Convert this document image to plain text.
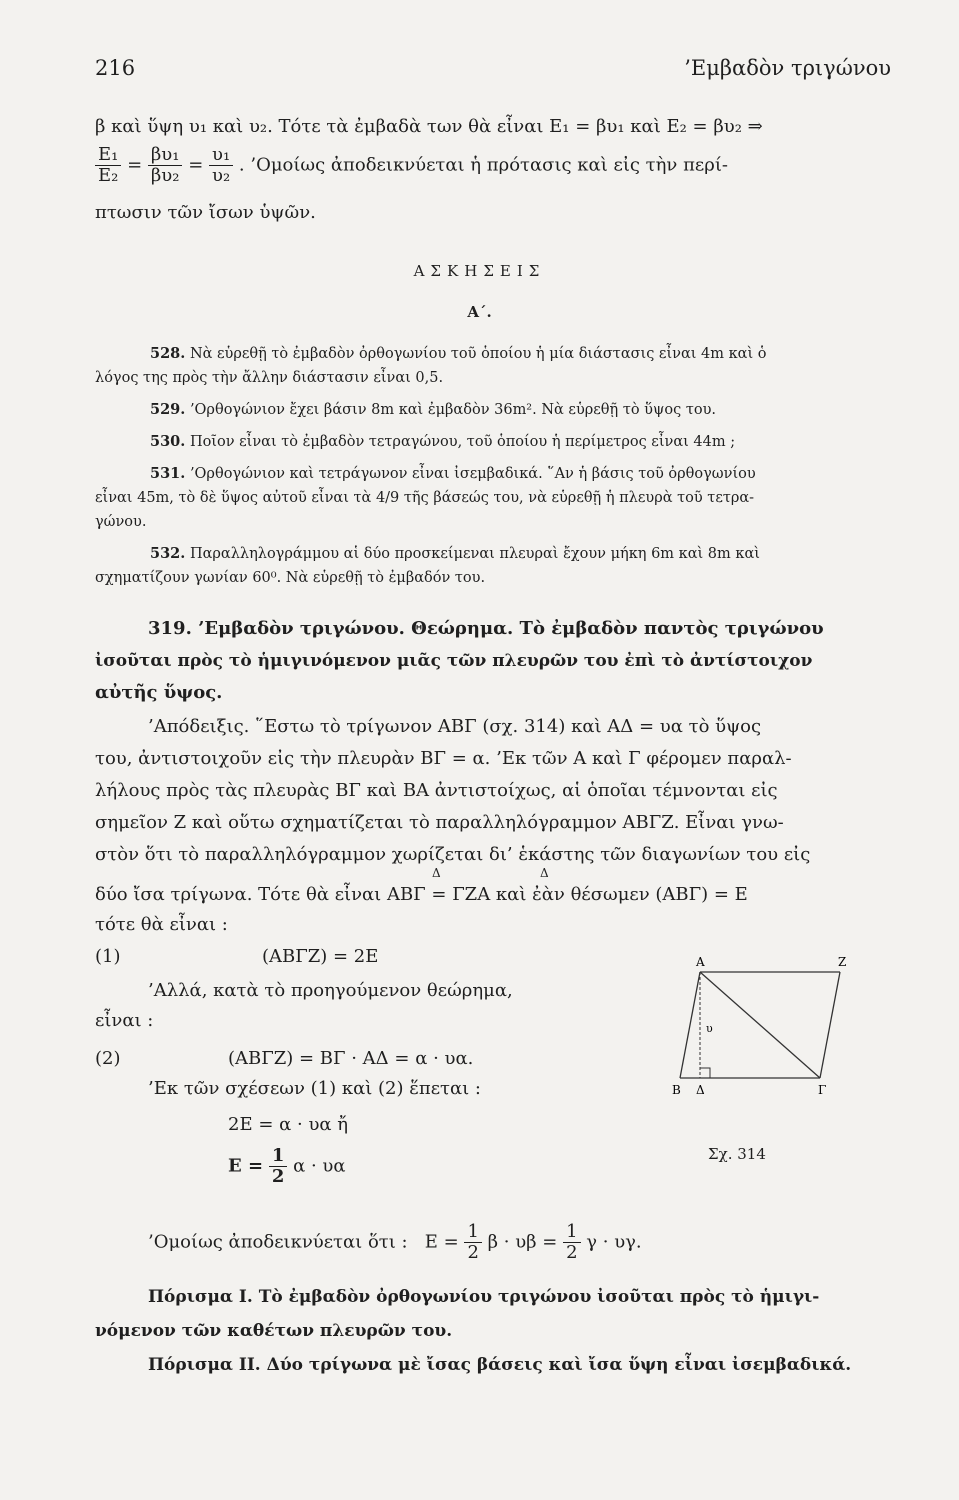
216	’Εμβαδὸν τριγώνου
β καὶ ὕψη υ₁ καὶ υ₂. Τότε τὰ ἐμβαδὰ των θὰ εἶναι E₁ = βυ₁ καὶ E₂ = βυ₂ ⇒
$\frac{\text{E₁}}{\text{E₂}} = \frac{\text{βυ₁}}{\text{βυ₂}} = \frac{\text{υ₁}}{\text{υ₂}}$ . ’Ομοίως ἀποδεικνύεται ἡ πρότασις καὶ εἰς τὴν περί-
πτωσιν τῶν ἴσων ὑψῶν.
ΑΣΚΗΣΕΙΣ
Α΄.
528. Νὰ εὑρεθῇ τὸ ἐμβαδὸν ὀρθογωνίου τοῦ ὁποίου ἡ μία διάστασις εἶναι 4m καὶ ὁ
λόγος της πρὸς τὴν ἄλλην διάστασιν εἶναι 0,5.
529. ’Ορθογώνιον ἔχει βάσιν 8m καὶ ἐμβαδὸν 36m². Νὰ εὑρεθῇ τὸ ὕψος του.
530. Ποῖον εἶναι τὸ ἐμβαδὸν τετραγώνου, τοῦ ὁποίου ἡ περίμετρος εἶναι 44m ;
531. ’Ορθογώνιον καὶ τετράγωνον εἶναι ἰσεμβαδικά. ῞Αν ἡ βάσις τοῦ ὀρθογωνίου
εἶναι 45m, τὸ δὲ ὕψος αὐτοῦ εἶναι τὰ 4/9 τῆς βάσεώς του, νὰ εὑρεθῇ ἡ πλευρὰ τοῦ τετρα-
γώνου.
532. Παραλληλογράμμου αἱ δύο προσκείμεναι πλευραὶ ἔχουν μήκη 6m καὶ 8m καὶ
σχηματίζουν γωνίαν 60⁰. Νὰ εὑρεθῇ τὸ ἐμβαδόν του.
319. ’Εμβαδὸν τριγώνου. Θεώρημα. Τὸ ἐμβαδὸν παντὸς τριγώνου
ἰσοῦται πρὸς τὸ ἡμιγινόμενον μιᾶς τῶν πλευρῶν του ἐπὶ τὸ ἀντίστοιχον
αὐτῆς ὕψος.
’Απόδειξις. ῞Εστω τὸ τρίγωνον ΑΒΓ (σχ. 314) καὶ ΑΔ = υα τὸ ὕψος
του, ἀντιστοιχοῦν εἰς τὴν πλευρὰν ΒΓ = α. ’Εκ τῶν Α καὶ Γ φέρομεν παραλ-
λήλους πρὸς τὰς πλευρὰς ΒΓ καὶ ΒΑ ἀντιστοίχως, αἱ ὁποῖαι τέμνονται εἰς
σημεῖον Ζ καὶ οὕτω σχηματίζεται τὸ παραλληλόγραμμον ΑΒΓΖ. Εἶναι γνω-
στὸν ὅτι τὸ παραλληλόγραμμον χωρίζεται δι’ ἑκάστης τῶν διαγωνίων του εἰς
Δ	Δ
δύο ἴσα τρίγωνα. Τότε θὰ εἶναι ΑΒΓ = ΓΖΑ καὶ ἐὰν θέσωμεν (ΑΒΓ) = Ε
τότε θὰ εἶναι :
(1)	(ΑΒΓΖ) = 2Ε
’Αλλά, κατὰ τὸ προηγούμενον θεώρημα,
εἶναι :
(2)	(ΑΒΓΖ) = ΒΓ · ΑΔ = α · υα.
’Εκ τῶν σχέσεων (1) καὶ (2) ἕπεται :
2Ε = α · υα ἤ
$E = \frac{1}{2}$ α · υα
’Ομοίως ἀποδεικνύεται ὅτι : $E = \frac{1}{2}$ $\beta \cdot \upsilon\beta = \frac{1}{2}$ γ · υγ.
Α	Ζ
υ
Β Δ	Γ
Σχ. 314
Πόρισμα Ι. Τὸ ἐμβαδὸν ὀρθογωνίου τριγώνου ἰσοῦται πρὸς τὸ ἡμιγι-
νόμενον τῶν καθέτων πλευρῶν του.
Πόρισμα ΙΙ. Δύο τρίγωνα μὲ ἴσας βάσεις καὶ ἴσα ὕψη εἶναι ἰσεμβαδικά.
